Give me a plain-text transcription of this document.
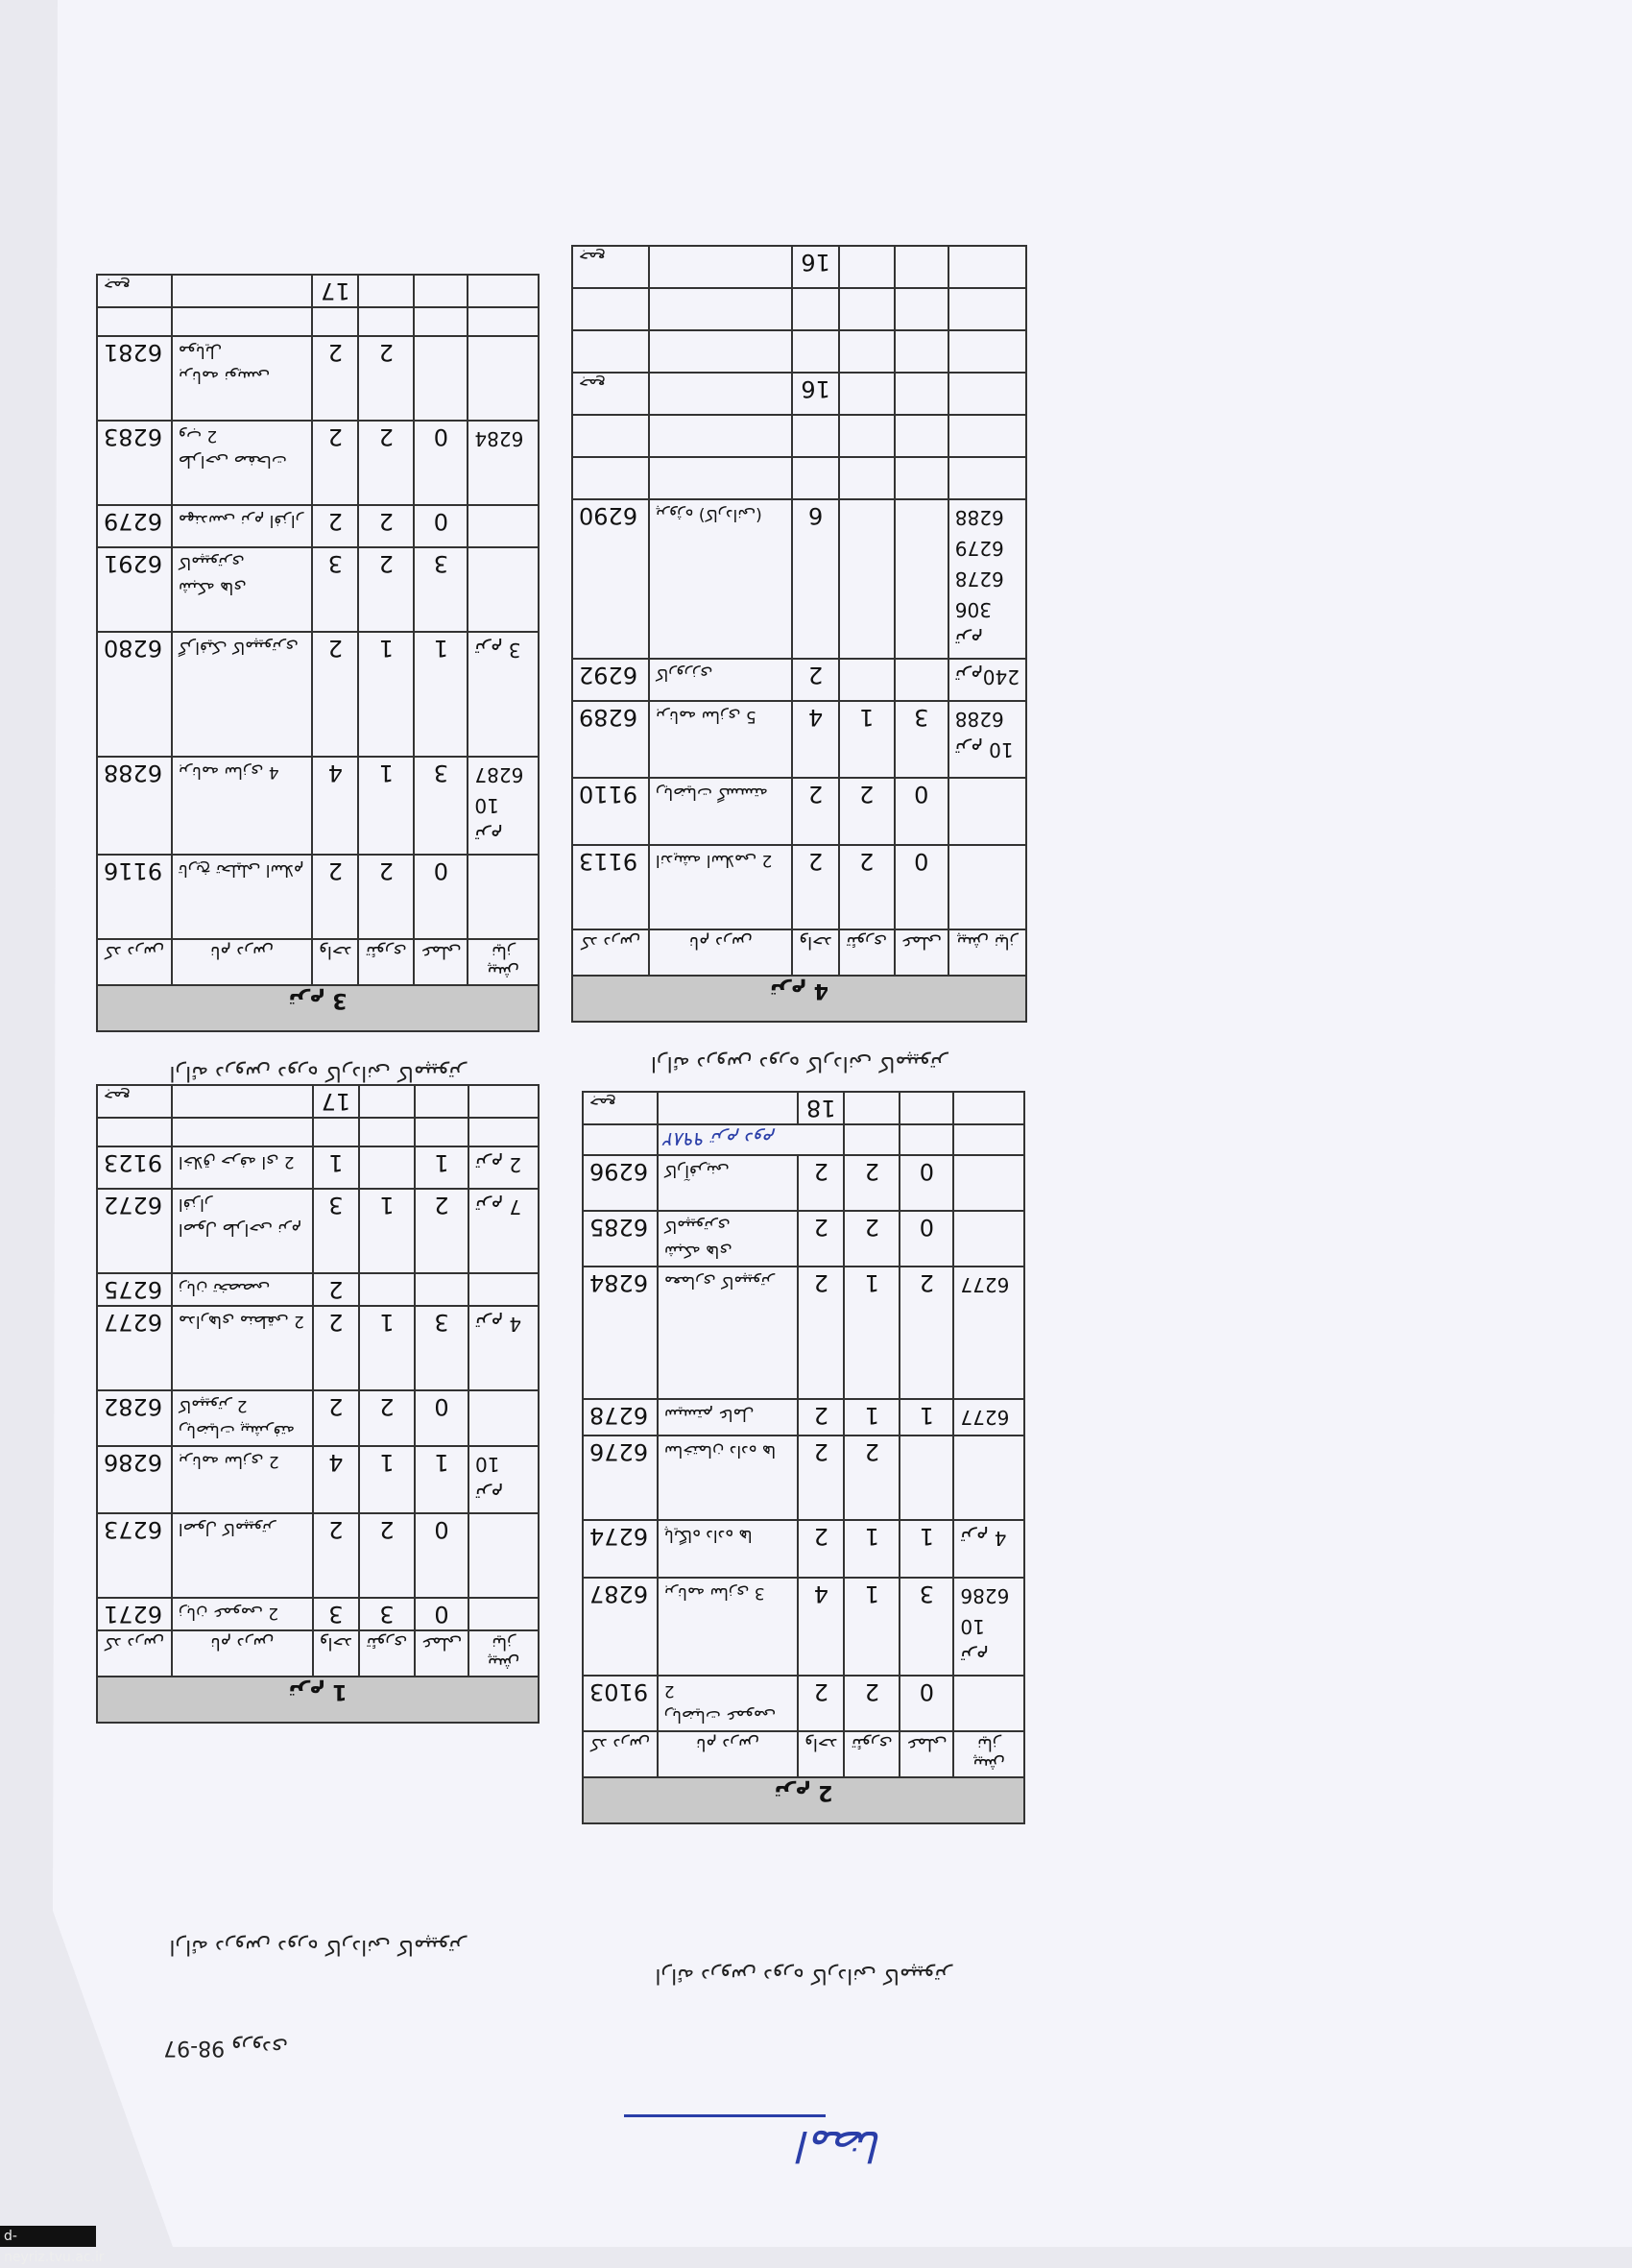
98-97 ورودی
ارائه دروس دوره کاردانی کامپیوتر
ترم 1					
کد درس	نام درس	واحد	تئوری	عملی	پیش نیاز
6271	زبان عمومی 2	3	3	0	
6273	اصول کامپیوتر	2	2	0	
6286	برنامه سازی 2	4	1	1	ترم 10
6282	ریاضیات پیشرفته کامپیوتر 2	2	2	0	
6277	مدارهای منطقی 2	2	1	3	ترم 4
6275	زبان تخصصی	2			
6272	اصول طراحی نرم افزار	3	1	2	ترم 7
9123	اخلاق حرفه ای 2	1		1	ترم 2

جمع		17			
ارائه دروس دوره کاردانی کامپیوتر
ترم 2					
کد درس	نام درس	واحد	تئوری	عملی	پیش نیاز
9103	ریاضیات عمومی 2	2	2	0	
6287	برنامه سازی 3	4	1	3	ترم 10 6286
6274	پایگاه داده ها	2	1	1	ترم 4
6276	ساختمان داده ها	2	2		
6278	سیستم عامل	2	1	1	6277
6284	معماری کامپیوتر	2	1	2	6277
6285	شبکه های کامپیوتری	2	2	0	
6296	کارآفرینی	2	2	0	
	۹۹۸۲ ترم دوم				
جمع		18			
ارائه دروس دوره کاردانی کامپیوتر
ترم 3					
کد درس	نام درس	واحد	تئوری	عملی	پیش نیاز
9116	تاریخ تحلیلی اسلام	2	2	0	
6288	برنامه سازی 4	4	1	3	ترم 10 6287
6280	گرافیک کامپیوتری	2	1	1	ترم 3
6291	شبکه های کامپیوتری	3	2	3	
6279	مهندسی نرم افزار	2	2	0	
6283	طراحی صفحات وب 2	2	2	0	6284
6281	برنامه نویسی موبایل	2	2		

جمع		17			
ارائه دروس دوره کاردانی کامپیوتر
ترم 4					
کد درس	نام درس	واحد	تئوری	عملی	پیش نیاز
9113	اندیشه اسلامی 2	2	2	0	
9110	ریاضیات گسسته	2	2	0	
6289	برنامه سازی 5	4	1	3	ترم 10 6288
6292	کارورزی	2			ترم240
6290	پروژه (کاردانی)	6			ترم 306 6278 6279 6288

جمع		16			

جمع		16			
امضا
d-neyriz.tvu.ac.ir
